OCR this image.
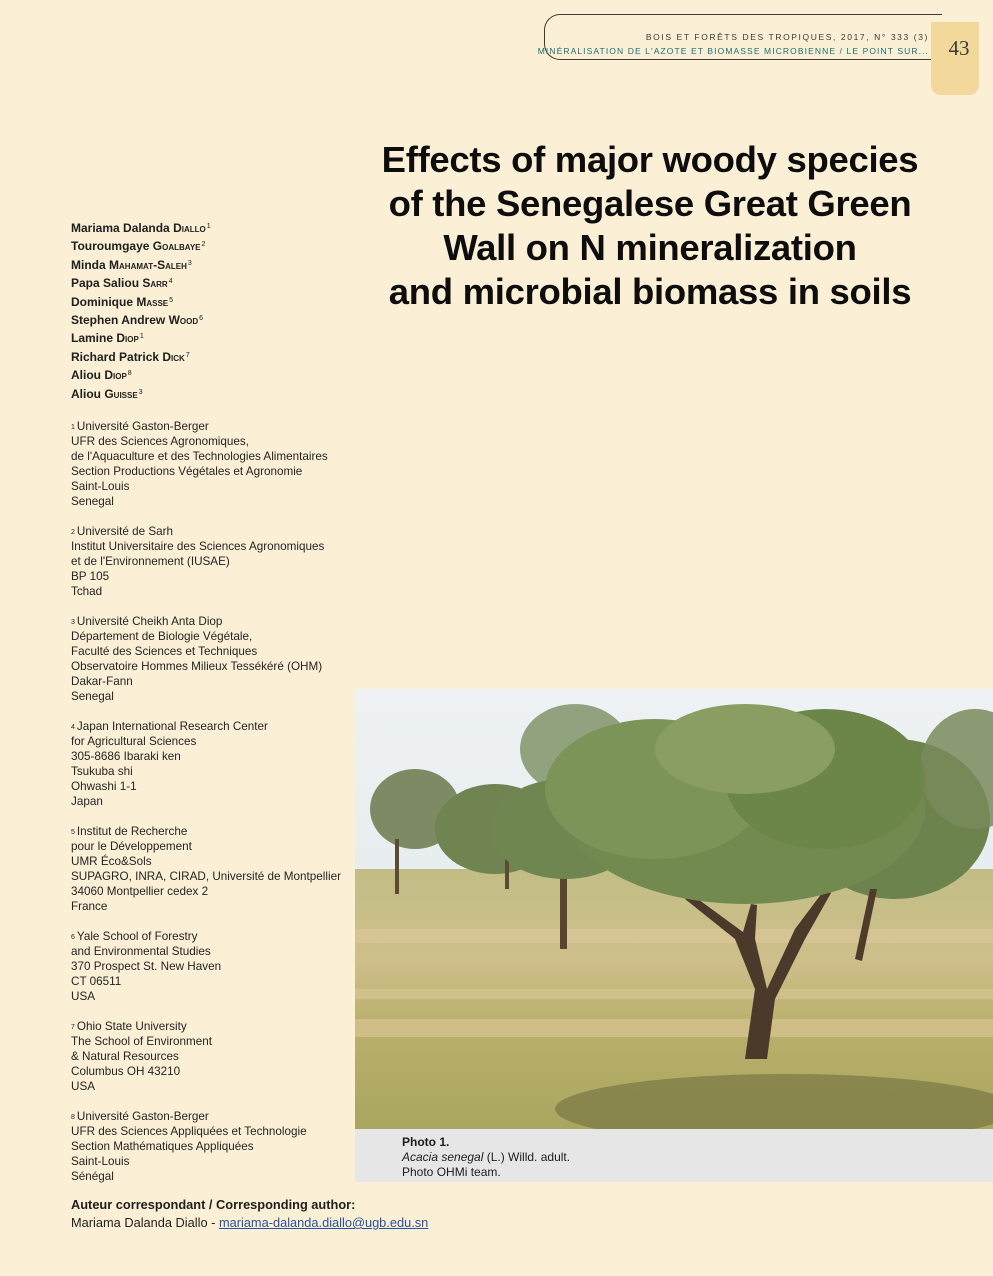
BOIS ET FORÊTS DES TROPIQUES, 2017, N° 333 (3)
MINÉRALISATION DE L'AZOTE ET BIOMASSE MICROBIENNE / LE POINT SUR... 43
Effects of major woody species
of the Senegalese Great Green
Wall on N mineralization
and microbial biomass in soils
Mariama Dalanda Diallo$^1$
Touroumgaye Goalbaye$^2$
Minda Mahamat-Saleh$^3$
Papa Saliou Sarr$^4$
Dominique Masse$^5$
Stephen Andrew Wood$^6$
Lamine Diop$^1$
Richard Patrick Dick$^7$
Aliou Diop$^8$
Aliou Guisse$^3$
$^1$ Université Gaston-Berger
UFR des Sciences Agronomiques,
de l'Aquaculture et des Technologies Alimentaires
Section Productions Végétales et Agronomie
Saint-Louis
Senegal
$^2$ Université de Sarh
Institut Universitaire des Sciences Agronomiques
et de l'Environnement (IUSAE)
BP 105
Tchad
$^3$ Université Cheikh Anta Diop
Département de Biologie Végétale,
Faculté des Sciences et Techniques
Observatoire Hommes Milieux Tessékéré (OHM)
Dakar-Fann
Senegal
$^4$ Japan International Research Center
for Agricultural Sciences
305-8686 Ibaraki ken
Tsukuba shi
Ohwashi 1-1
Japan
$^5$ Institut de Recherche
pour le Développement
UMR Éco&Sols
SUPAGRO, INRA, CIRAD, Université de Montpellier
34060 Montpellier cedex 2
France
$^6$ Yale School of Forestry
and Environmental Studies
370 Prospect St. New Haven
CT 06511
USA
$^7$ Ohio State University
The School of Environment
& Natural Resources
Columbus OH 43210
USA
$^8$ Université Gaston-Berger
UFR des Sciences Appliquées et Technologie
Section Mathématiques Appliquées
Saint-Louis
Sénégal
Photo 1.
Acacia senegal (L.) Willd. adult.
Photo OHMi team.
Auteur correspondant / Corresponding author:
Mariama Dalanda Diallo - mariama-dalanda.diallo@ugb.edu.sn
